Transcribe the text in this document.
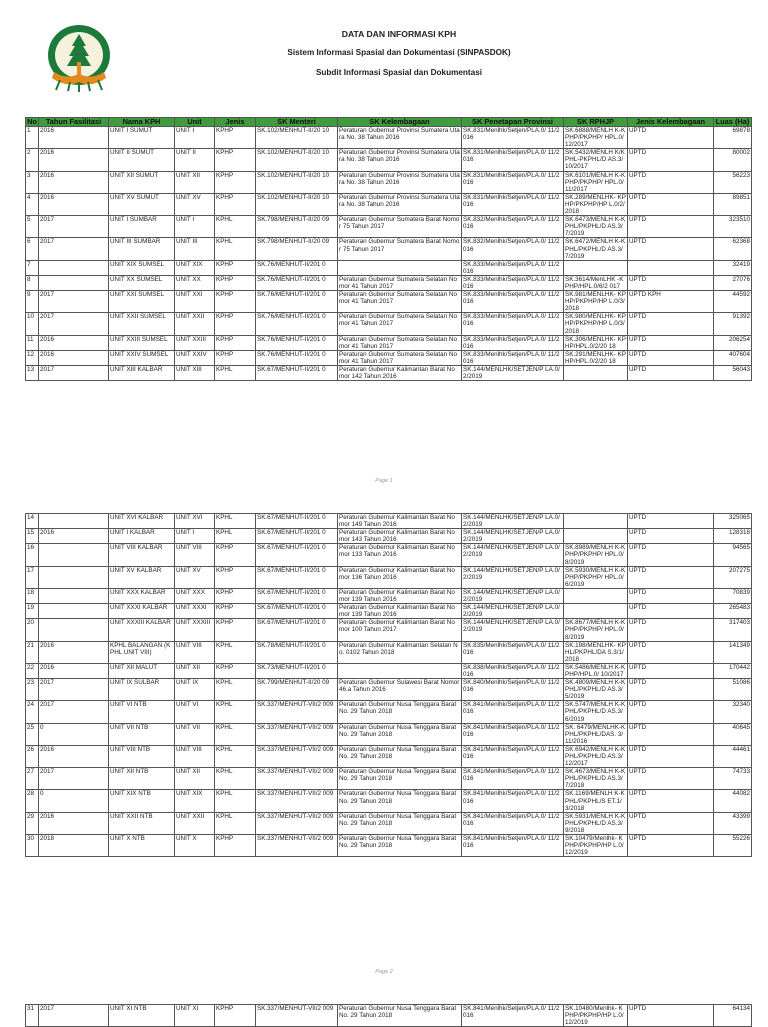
DATA DAN INFORMASI KPH
Sistem Informasi Spasial dan Dokumentasi (SINPASDOK)
Subdit Informasi Spasial dan Dokumentasi
No	Tahun Fasilitasi	Nama KPH	Unit	Jenis	SK Menteri	SK Kelembagaan	SK Penetapan Provinsi	SK RPHJP	Jenis Kelembagaan	Luas (Ha)
1	2016	UNIT I SUMUT	UNIT I	KPHP	SK.102/MENHUT-II/20 10	Peraturan Gubernur Provinsi Sumatera Utara No. 38 Tahun 2016	SK.831/Menlhk/Setjen/PLA.0/ 11/2016	SK.6888/MENLH K-KPHP/PKPHP/ HPL.0/12/2017	UPTD	69878
2	2016	UNIT II SUMUT	UNIT II	KPHP	SK.102/MENHUT-II/20 10	Peraturan Gubernur Provinsi Sumatera Utara No. 38 Tahun 2016	SK.831/Menlhk/Setjen/PLA.0/ 11/2016	SK.5432/MENLH K/KPHL-PKPHL/D AS.3/10/2017	UPTD	80002
3	2016	UNIT XII SUMUT	UNIT XII	KPHP	SK.102/MENHUT-II/20 10	Peraturan Gubernur Provinsi Sumatera Utara No. 38 Tahun 2016	SK.831/Menlhk/Setjen/PLA.0/ 11/2016	SK.6101/MENLH K-KPHP/PKPHP/ HPL.0/11/2017	UPTD	56223
4	2016	UNIT XV SUMUT	UNIT XV	KPHP	SK.102/MENHUT-II/20 10	Peraturan Gubernur Provinsi Sumatera Utara No. 38 Tahun 2016	SK.831/Menlhk/Setjen/PLA.0/ 11/2016	SK.289/MENLHK- KPHP/PKPHP/HP L.0/2/2018	UPTD	89851
5	2017	UNIT I SUMBAR	UNIT I	KPHL	SK.798/MENHUT-II/20 09	Peraturan Gubernur Sumatera Barat Nomor 75 Tahun 2017	SK.832/Menlhk/Setjen/PLA.0/ 11/2016	SK.6473/MENLH K-KPHL/PKPHL/D AS.3/7/2019	UPTD	323510
6	2017	UNIT III SUMBAR	UNIT III	KPHL	SK.798/MENHUT-II/20 09	Peraturan Gubernur Sumatera Barat Nomor 75 Tahun 2017	SK.832/Menlhk/Setjen/PLA.0/ 11/2016	SK.6472/MENLH K-KPHL/PKPHL/D AS.3/7/2019	UPTD	62368
7		UNIT XIX SUMSEL	UNIT XIX	KPHP	SK.76/MENHUT-II/201 0		SK.833/Menlhk/Setjen/PLA.0/ 11/2016			32419
8		UNIT XX SUMSEL	UNIT XX	KPHP	SK.76/MENHUT-II/201 0	Peraturan Gubernur Sumatera Selatan Nomor 41 Tahun 2017	SK.833/Menlhk/Setjen/PLA.0/ 11/2016	SK.3614/MenLHK -KPHP/HPL.0/6/2 017	UPTD	27076
9	2017	UNIT XXI SUMSEL	UNIT XXI	KPHP	SK.76/MENHUT-II/201 0	Peraturan Gubernur Sumatera Selatan Nomor 41 Tahun 2017	SK.833/Menlhk/Setjen/PLA.0/ 11/2016	SK.981/MENLHK- KPHP/PKPHP/HP L.0/3/2018	UPTD KPH	44592
10	2017	UNIT XXII SUMSEL	UNIT XXII	KPHP	SK.76/MENHUT-II/201 0	Peraturan Gubernur Sumatera Selatan Nomor 41 Tahun 2017	SK.833/Menlhk/Setjen/PLA.0/ 11/2016	SK.980/MENLHK- KPHP/PKPHP/HP L.0/3/2018	UPTD	91392
11	2016	UNIT XXIII SUMSEL	UNIT XXIII	KPHP	SK.76/MENHUT-II/201 0	Peraturan Gubernur Sumatera Selatan Nomor 41 Tahun 2017	SK.833/Menlhk/Setjen/PLA.0/ 11/2016	SK.306/MENLHK- KPHP/HPL.0/2/20 18	UPTD	206254
12	2016	UNIT XXIV SUMSEL	UNIT XXIV	KPHP	SK.76/MENHUT-II/201 0	Peraturan Gubernur Sumatera Selatan Nomor 41 Tahun 2017	SK.833/Menlhk/Setjen/PLA.0/ 11/2016	SK.291/MENLHK- KPHP/HPL.0/2/20 18	UPTD	407604
13	2017	UNIT XIII KALBAR	UNIT XIII	KPHL	SK.67/MENHUT-II/201 0	Peraturan Gubernur Kalimantan Barat Nomor 142 Tahun 2016	SK.144/MENLHK/SETJEN/P LA.0/2/2019		UPTD	56043
Page 1
14		UNIT XVI KALBAR	UNIT XVI	KPHL	SK.67/MENHUT-II/201 0	Peraturan Gubernur Kalimantan Barat Nomor 149 Tahun 2016	SK.144/MENLHK/SETJEN/P LA.0/2/2019		UPTD	325065
15	2016	UNIT I KALBAR	UNIT I	KPHL	SK.67/MENHUT-II/201 0	Peraturan Gubernur Kalimantan Barat Nomor 143 Tahun 2016	SK.144/MENLHK/SETJEN/P LA.0/2/2019		UPTD	128318
16		UNIT VIII KALBAR	UNIT VIII	KPHP	SK.67/MENHUT-II/201 0	Peraturan Gubernur Kalimantan Barat Nomor 133 Tahun 2016	SK.144/MENLHK/SETJEN/P LA.0/2/2019	SK.8989/MENLH K-KPHP/PKPHP/ HPL.0/8/2019	UPTD	94565
17		UNIT XV KALBAR	UNIT XV	KPHP	SK.67/MENHUT-II/201 0	Peraturan Gubernur Kalimantan Barat Nomor 136 Tahun 2016	SK.144/MENLHK/SETJEN/P LA.0/2/2019	SK.5930/MENLH K-KPHP/PKPHP/ HPL.0/6/2019	UPTD	207275
18		UNIT XXX KALBAR	UNIT XXX	KPHP	SK.67/MENHUT-II/201 0	Peraturan Gubernur Kalimantan Barat Nomor 139 Tahun 2016	SK.144/MENLHK/SETJEN/P LA.0/2/2019		UPTD	70839
19		UNIT XXXI KALBAR	UNIT XXXI	KPHP	SK.67/MENHUT-II/201 0	Peraturan Gubernur Kalimantan Barat Nomor 139 Tahun 2016	SK.144/MENLHK/SETJEN/P LA.0/2/2019		UPTD	265483
20		UNIT XXXIII KALBAR	UNIT XXXIII	KPHP	SK.67/MENHUT-II/201 0	Peraturan Gubernur Kalimantan Barat Nomor 100 Tahun 2017	SK.144/MENLHK/SETJEN/P LA.0/2/2019	SK.8677/MENLH K-KPHP/PKPHP/ HPL.0/8/2019	UPTD	317403
21	2016	KPHL BALANGAN (KPHL UNIT VIII)	UNIT VIII	KPHL	SK.78/MENHUT-II/201 0	Peraturan Gubernur Kalimantan Selatan No. 0102 Tahun 2018	SK.835/Menlhk/Setjen/PLA.0/ 11/2016	SK.198/MENLHK- KPHL/PKPHL/DA S.3/1/2018	UPTD	141349
22	2016	UNIT XII MALUT	UNIT XII	KPHP	SK.73/MENHUT-II/201 0		SK.838/Menlhk/Setjen/PLA.0/ 11/2016	SK.5486/MENLH K-KPHP/HPL.0/ 10/2017	UPTD	170442
23	2017	UNIT IX SULBAR	UNIT IX	KPHL	SK.799/MENHUT-II/20 09	Peraturan Gubernur Sulawesi Barat Nomor 46.a Tahun 2016	SK.840/Menlhk/Setjen/PLA.0/ 11/2016	SK.4809/MENLH K-KPHL/PKPHL/D AS.3/5/2019	UPTD	51086
24	2017	UNIT VI NTB	UNIT VI	KPHL	SK.337/MENHUT-VII/2 009	Peraturan Gubernur Nusa Tenggara Barat No. 29 Tahun 2018	SK.841/Menlhk/Setjen/PLA.0/ 11/2016	SK.5747/MENLH K-KPHL/PKPHL/D AS.3/6/2019	UPTD	32340
25	0	UNIT VII NTB	UNIT VII	KPHL	SK.337/MENHUT-VII/2 009	Peraturan Gubernur Nusa Tenggara Barat No. 29 Tahun 2018	SK.841/Menlhk/Setjen/PLA.0/ 11/2016	SK. 6479/MENLHK-K PHL/PKPHL/DAS. 3/11/2016	UPTD	40645
26	2016	UNIT VIII NTB	UNIT VIII	KPHL	SK.337/MENHUT-VII/2 009	Peraturan Gubernur Nusa Tenggara Barat No. 29 Tahun 2018	SK.841/Menlhk/Setjen/PLA.0/ 11/2016	SK.6942/MENLH K-KPHL/PKPHL/D AS.3/12/2017	UPTD	44461
27	2017	UNIT XII NTB	UNIT XII	KPHL	SK.337/MENHUT-VII/2 009	Peraturan Gubernur Nusa Tenggara Barat No. 29 Tahun 2018	SK.841/Menlhk/Setjen/PLA.0/ 11/2016	SK.4673/MENLH K-KPHL/PKPHL/D AS.3/7/2018	UPTD	74733
28	0	UNIT XIX NTB	UNIT XIX	KPHL	SK.337/MENHUT-VII/2 009	Peraturan Gubernur Nusa Tenggara Barat No. 29 Tahun 2018	SK.841/Menlhk/Setjen/PLA.0/ 11/2016	SK.1169/MENLH K-KPHL/PKPHL/S ET.1/3/2018	UPTD	44082
29	2016	UNIT XXII NTB	UNIT XXII	KPHL	SK.337/MENHUT-VII/2 009	Peraturan Gubernur Nusa Tenggara Barat No. 29 Tahun 2018	SK.841/Menlhk/Setjen/PLA.0/ 11/2016	SK.5931/MENLH K-KPHL/PKPHL/D AS.3/9/2018	UPTD	43399
30	2018	UNIT X NTB	UNIT X	KPHP	SK.337/MENHUT-VII/2 009	Peraturan Gubernur Nusa Tenggara Barat No. 29 Tahun 2018	SK.841/Menlhk/Setjen/PLA.0/ 11/2016	SK.10479/Menlhk- KPHP/PKPHP/HP L.0/12/2019	UPTD	55226
Page 2
31	2017	UNIT XI NTB	UNIT XI	KPHP	SK.337/MENHUT-VII/2 009	Peraturan Gubernur Nusa Tenggara Barat No. 29 Tahun 2018	SK.841/Menlhk/Setjen/PLA.0/ 11/2016	SK.10480/Menlhk- KPHP/PKPHP/HP L.0/12/2019	UPTD	64134
